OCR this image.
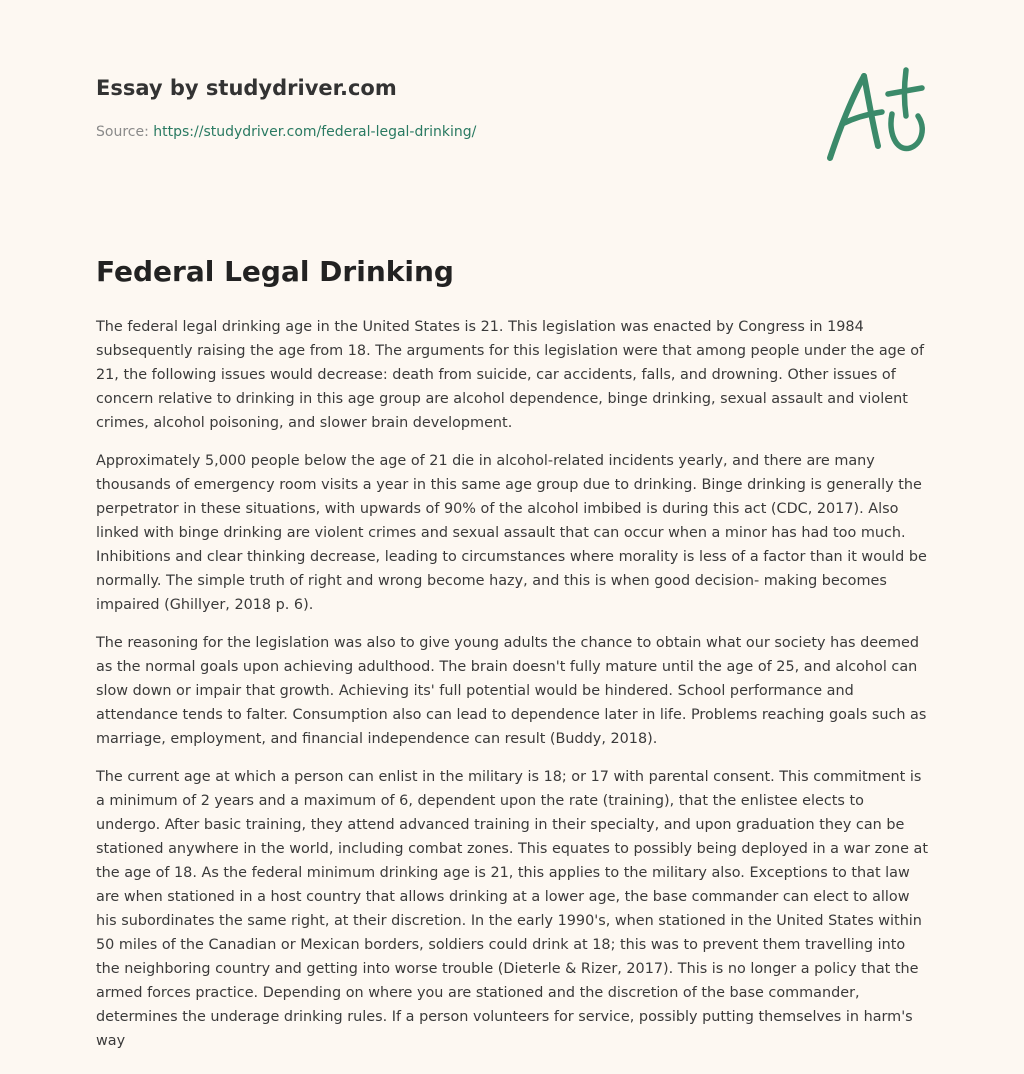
Essay by studydriver.com

Source: https://studydriver.com/federal-legal-drinking/

Federal Legal Drinking

The federal legal drinking age in the United States is 21. This legislation was enacted by Congress in 1984 subsequently raising the age from 18. The arguments for this legislation were that among people under the age of 21, the following issues would decrease: death from suicide, car accidents, falls, and drowning. Other issues of concern relative to drinking in this age group are alcohol dependence, binge drinking, sexual assault and violent crimes, alcohol poisoning, and slower brain development.

Approximately 5,000 people below the age of 21 die in alcohol-related incidents yearly, and there are many thousands of emergency room visits a year in this same age group due to drinking. Binge drinking is generally the perpetrator in these situations, with upwards of 90% of the alcohol imbibed is during this act (CDC, 2017). Also linked with binge drinking are violent crimes and sexual assault that can occur when a minor has had too much. Inhibitions and clear thinking decrease, leading to circumstances where morality is less of a factor than it would be normally. The simple truth of right and wrong become hazy, and this is when good decision- making becomes impaired (Ghillyer, 2018 p. 6).

The reasoning for the legislation was also to give young adults the chance to obtain what our society has deemed as the normal goals upon achieving adulthood. The brain doesn't fully mature until the age of 25, and alcohol can slow down or impair that growth. Achieving its' full potential would be hindered. School performance and attendance tends to falter. Consumption also can lead to dependence later in life. Problems reaching goals such as marriage, employment, and financial independence can result (Buddy, 2018).

The current age at which a person can enlist in the military is 18; or 17 with parental consent. This commitment is a minimum of 2 years and a maximum of 6, dependent upon the rate (training), that the enlistee elects to undergo. After basic training, they attend advanced training in their specialty, and upon graduation they can be stationed anywhere in the world, including combat zones. This equates to possibly being deployed in a war zone at the age of 18. As the federal minimum drinking age is 21, this applies to the military also. Exceptions to that law are when stationed in a host country that allows drinking at a lower age, the base commander can elect to allow his subordinates the same right, at their discretion. In the early 1990's, when stationed in the United States within 50 miles of the Canadian or Mexican borders, soldiers could drink at 18; this was to prevent them travelling into the neighboring country and getting into worse trouble (Dieterle & Rizer, 2017). This is no longer a policy that the armed forces practice. Depending on where you are stationed and the discretion of the base commander, determines the underage drinking rules. If a person volunteers for service, possibly putting themselves in harm's way
